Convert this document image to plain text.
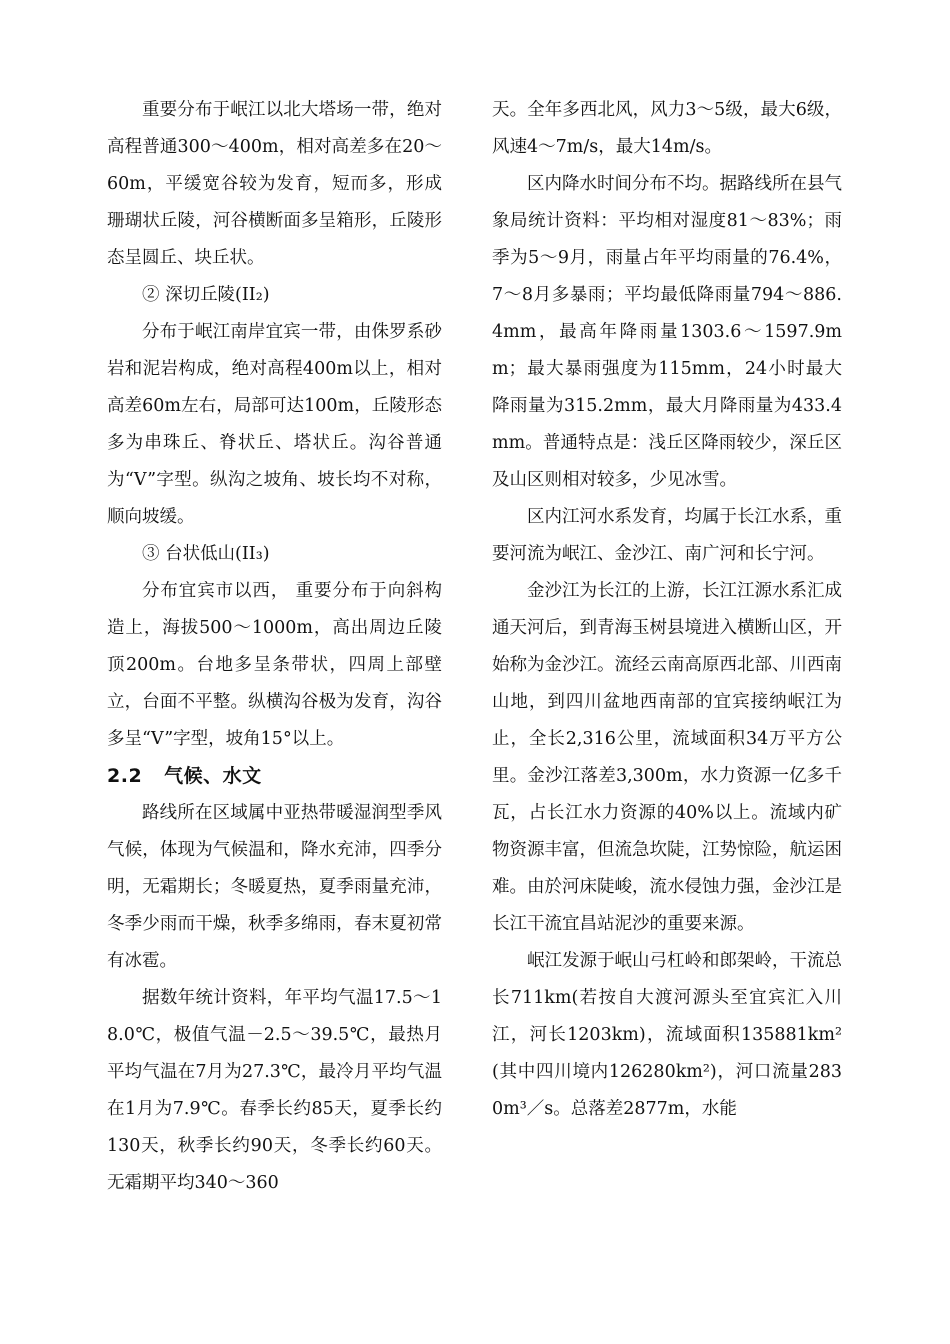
重要分布于岷江以北大塔场一带，绝对高程普通300～400m，相对高差多在20～60m，平缓宽谷较为发育，短而多，形成珊瑚状丘陵，河谷横断面多呈箱形，丘陵形态呈圆丘、块丘状。

② 深切丘陵(II₂)

分布于岷江南岸宜宾一带，由侏罗系砂岩和泥岩构成，绝对高程400m以上，相对高差60m左右，局部可达100m，丘陵形态多为串珠丘、脊状丘、塔状丘。沟谷普通为“V”字型。纵沟之坡角、坡长均不对称，顺向坡缓。

③ 台状低山(II₃)

分布宜宾市以西， 重要分布于向斜构造上，海拔500～1000m，高出周边丘陵顶200m。台地多呈条带状，四周上部壁立，台面不平整。纵横沟谷极为发育，沟谷多呈“V”字型，坡角15°以上。

2.2 气候、水文

路线所在区域属中亚热带暖湿润型季风气候，体现为气候温和，降水充沛，四季分明，无霜期长；冬暖夏热，夏季雨量充沛，冬季少雨而干燥，秋季多绵雨，春末夏初常有冰雹。

据数年统计资料，年平均气温17.5～18.0℃，极值气温－2.5～39.5℃，最热月平均气温在7月为27.3℃，最冷月平均气温在1月为7.9℃。春季长约85天，夏季长约130天，秋季长约90天，冬季长约60天。无霜期平均340～360

天。全年多西北风，风力3～5级，最大6级，风速4～7m/s，最大14m/s。

区内降水时间分布不均。据路线所在县气象局统计资料：平均相对湿度81～83%；雨季为5～9月，雨量占年平均雨量的76.4%，7～8月多暴雨；平均最低降雨量794～886.4mm，最高年降雨量1303.6～1597.9mm；最大暴雨强度为115mm，24小时最大降雨量为315.2mm，最大月降雨量为433.4mm。普通特点是：浅丘区降雨较少，深丘区及山区则相对较多，少见冰雪。

区内江河水系发育，均属于长江水系，重要河流为岷江、金沙江、南广河和长宁河。

金沙江为长江的上游，长江江源水系汇成通天河后，到青海玉树县境进入横断山区，开始称为金沙江。流经云南高原西北部、川西南山地，到四川盆地西南部的宜宾接纳岷江为止，全长2,316公里，流域面积34万平方公里。金沙江落差3,300m，水力资源一亿多千瓦，占长江水力资源的40%以上。流域内矿物资源丰富，但流急坎陡，江势惊险，航运困难。由於河床陡峻，流水侵蚀力强，金沙江是长江干流宜昌站泥沙的重要来源。

岷江发源于岷山弓杠岭和郎架岭，干流总长711km(若按自大渡河源头至宜宾汇入川江，河长1203km)，流域面积135881km²(其中四川境内126280km²)，河口流量2830m³／s。总落差2877m，水能
